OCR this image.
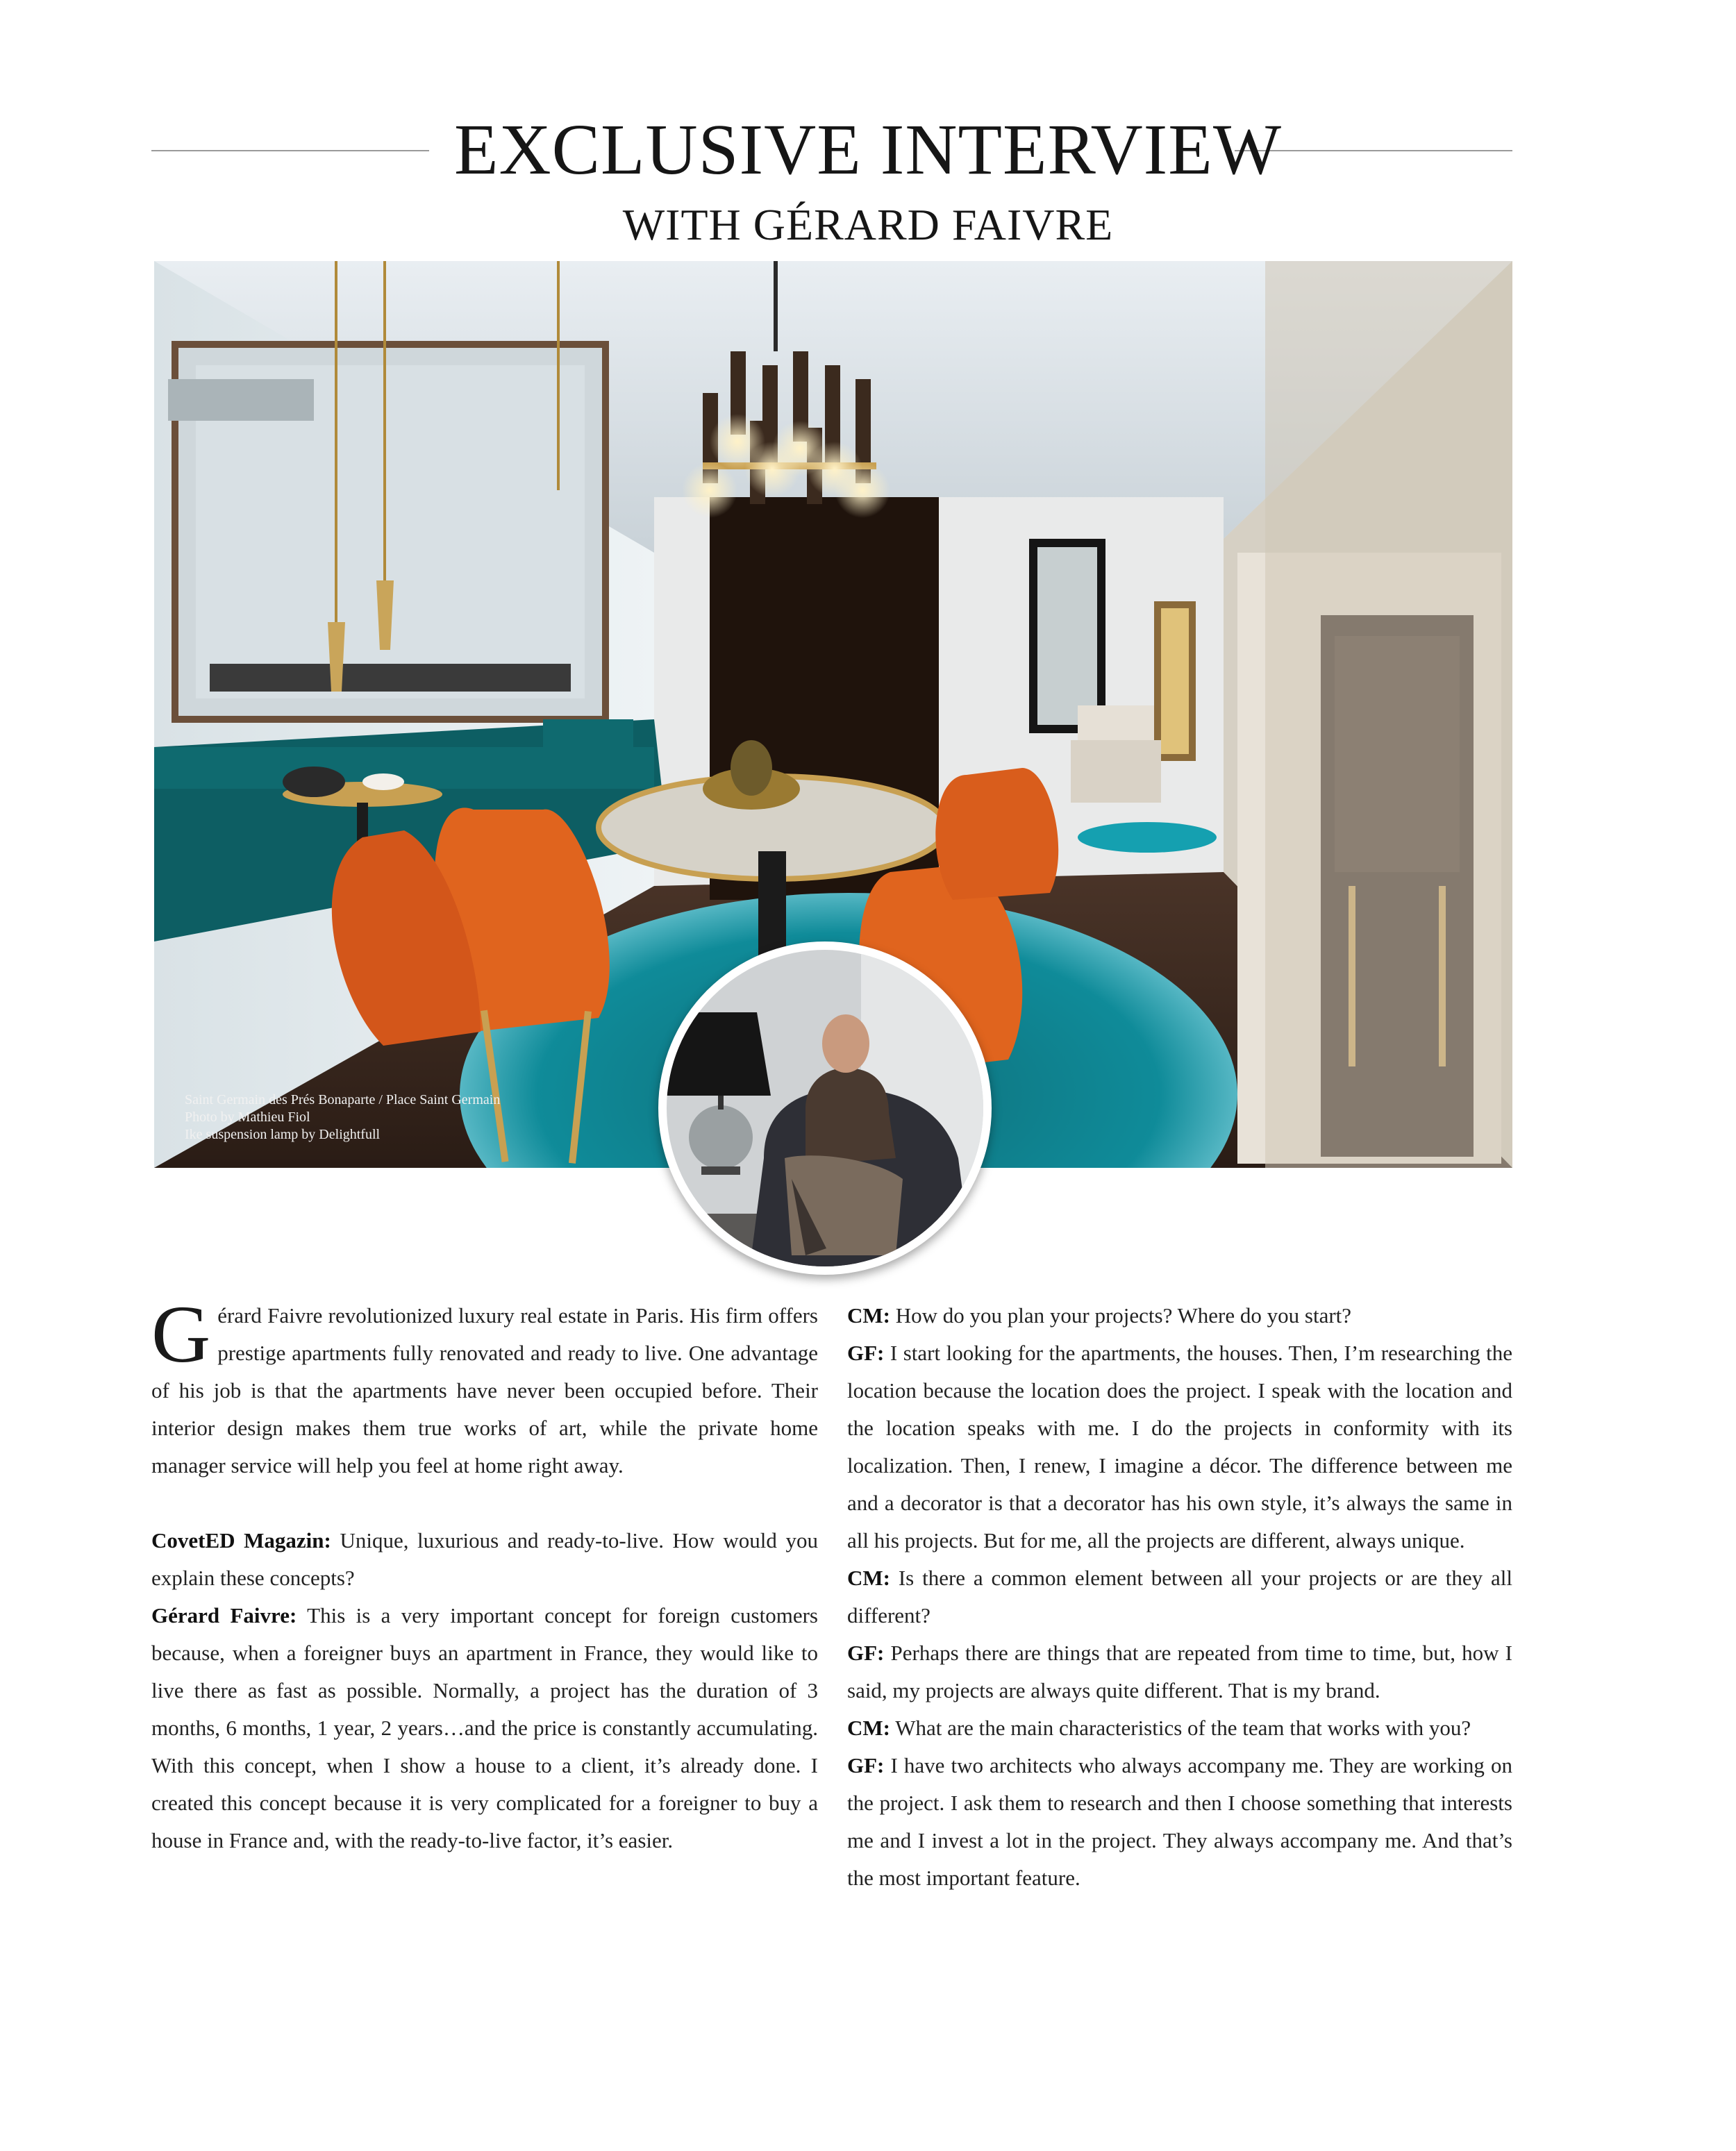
EXCLUSIVE INTERVIEW
WITH GÉRARD FAIVRE
Saint Germain des Prés Bonaparte / Place Saint Germain
Photo by Mathieu Fiol
Ike suspension lamp by Delightfull

Gérard Faivre revolutionized luxury real estate in Paris. His firm offers prestige apartments fully renovated and ready to live. One advantage of his job is that the apartments have never been occupied before. Their interior design makes them true works of art, while the private home manager service will help you feel at home right away.

CovetED Magazin: Unique, luxurious and ready-to-live. How would you explain these concepts?

Gérard Faivre: This is a very important concept for foreign customers because, when a foreigner buys an apartment in France, they would like to live there as fast as possible. Normally, a project has the duration of 3 months, 6 months, 1 year, 2 years…and the price is constantly accumulating. With this concept, when I show a house to a client, it’s already done. I created this concept because it is very complicated for a foreigner to buy a house in France and, with the ready-to-live factor, it’s easier.

CM: How do you plan your projects? Where do you start?

GF: I start looking for the apartments, the houses. Then, I’m researching the location because the location does the project. I speak with the location and the location speaks with me. I do the projects in conformity with its localization. Then, I renew, I imagine a décor. The difference between me and a decorator is that a decorator has his own style, it’s always the same in all his projects. But for me, all the projects are different, always unique.

CM: Is there a common element between all your projects or are they all different?

GF: Perhaps there are things that are repeated from time to time, but, how I said, my projects are always quite different. That is my brand.

CM: What are the main characteristics of the team that works with you?

GF: I have two architects who always accompany me. They are working on the project. I ask them to research and then I choose something that interests me and I invest a lot in the project. They always accompany me. And that’s the most important feature.
